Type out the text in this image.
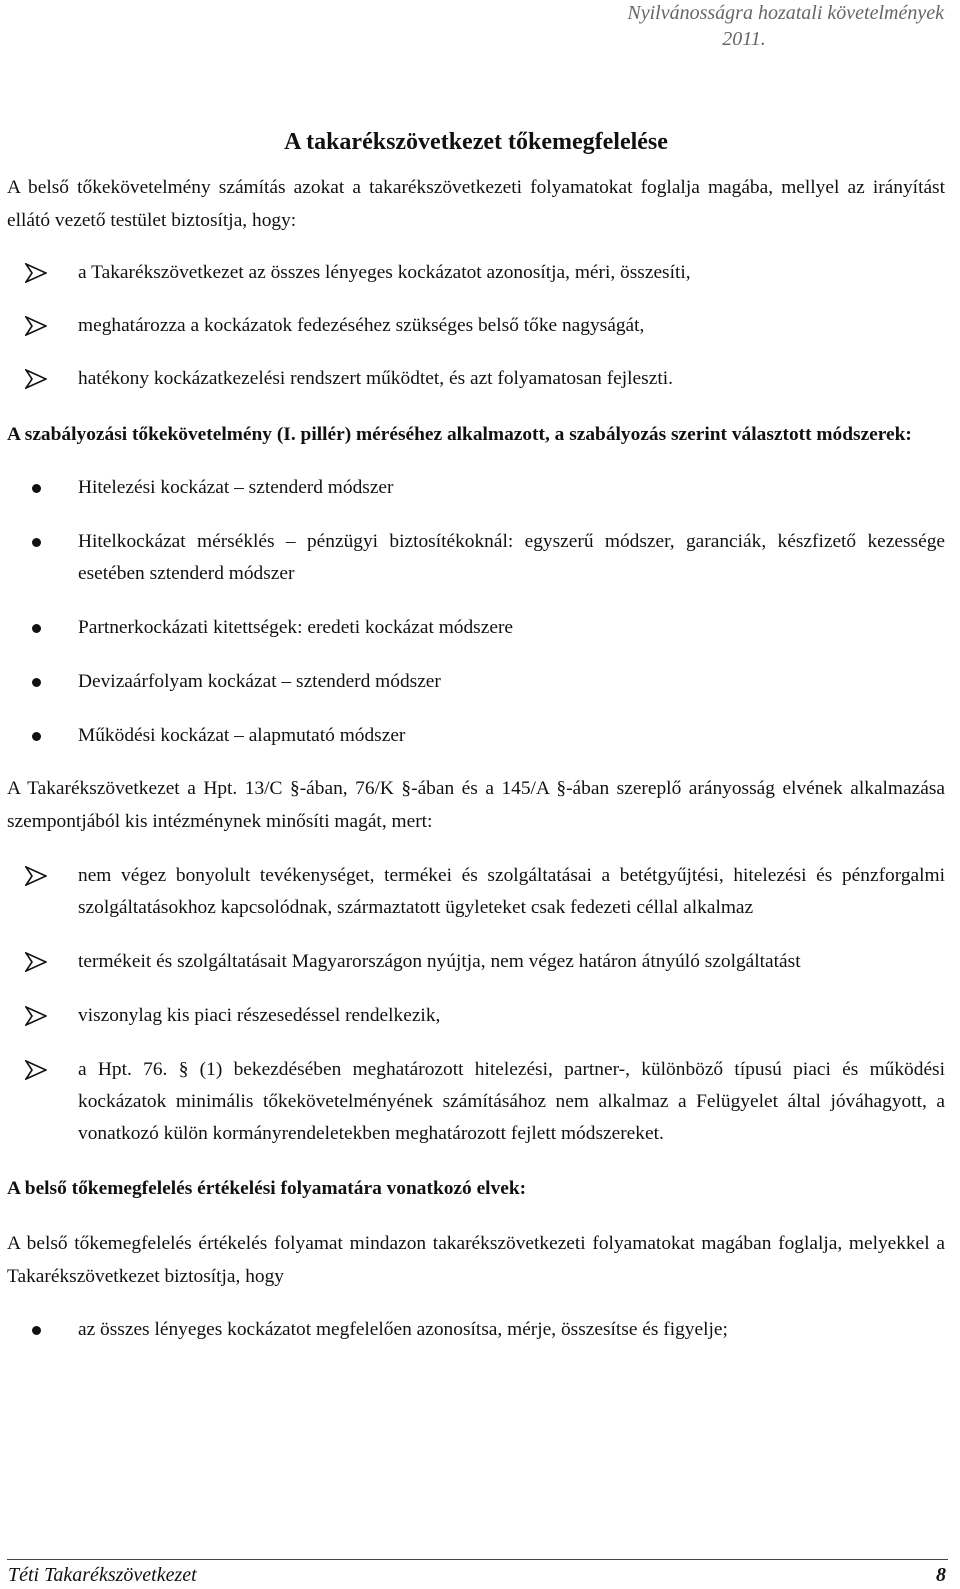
Nyilvánosságra hozatali követelmények
2011.
A takarékszövetkezet tőkemegfelelése

A belső tőkekövetelmény számítás azokat a takarékszövetkezeti folyamatokat foglalja magába, mellyel az irányítást ellátó vezető testület biztosítja, hogy:

a Takarékszövetkezet az összes lényeges kockázatot azonosítja, méri, összesíti,
meghatározza a kockázatok fedezéséhez szükséges belső tőke nagyságát,
hatékony kockázatkezelési rendszert működtet, és azt folyamatosan fejleszti.

A szabályozási tőkekövetelmény (I. pillér) méréséhez alkalmazott, a szabályozás szerint választott módszerek:

Hitelezési kockázat – sztenderd módszer
Hitelkockázat mérséklés – pénzügyi biztosítékoknál: egyszerű módszer, garanciák, készfizető kezessége esetében sztenderd módszer
Partnerkockázati kitettségek: eredeti kockázat módszere
Devizaárfolyam kockázat – sztenderd módszer
Működési kockázat – alapmutató módszer

A Takarékszövetkezet a Hpt. 13/C §-ában, 76/K §-ában és a 145/A §-ában szereplő arányosság elvének alkalmazása szempontjából kis intézménynek minősíti magát, mert:

nem végez bonyolult tevékenységet, termékei és szolgáltatásai a betétgyűjtési, hitelezési és pénzforgalmi szolgáltatásokhoz kapcsolódnak, származtatott ügyleteket csak fedezeti céllal alkalmaz
termékeit és szolgáltatásait Magyarországon nyújtja, nem végez határon átnyúló szolgáltatást
viszonylag kis piaci részesedéssel rendelkezik,
a Hpt. 76. § (1) bekezdésében meghatározott hitelezési, partner-, különböző típusú piaci és működési kockázatok minimális tőkekövetelményének számításához nem alkalmaz a Felügyelet által jóváhagyott, a vonatkozó külön kormányrendeletekben meghatározott fejlett módszereket.

A belső tőkemegfelelés értékelési folyamatára vonatkozó elvek:

A belső tőkemegfelelés értékelés folyamat mindazon takarékszövetkezeti folyamatokat magában foglalja, melyekkel a Takarékszövetkezet biztosítja, hogy

az összes lényeges kockázatot megfelelően azonosítsa, mérje, összesítse és figyelje;
Téti Takarékszövetkezet	8
